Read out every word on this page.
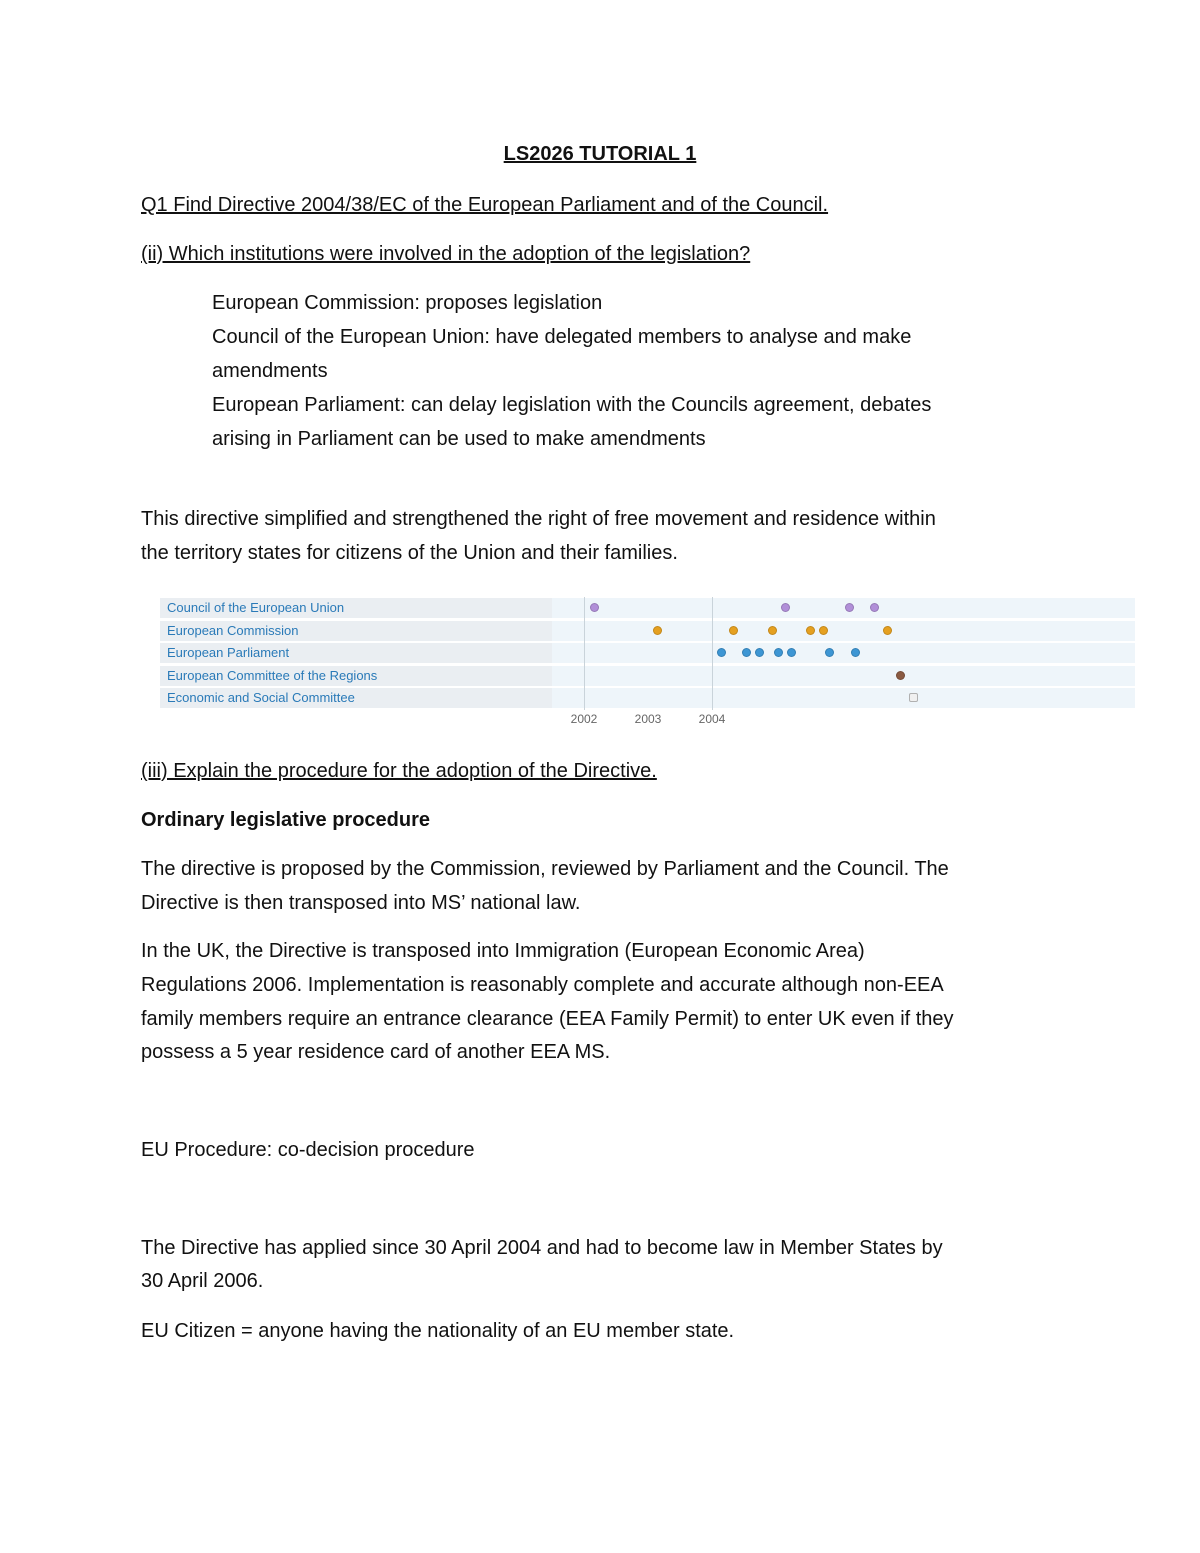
LS2026 TUTORIAL 1
Q1 Find Directive 2004/38/EC of the European Parliament and of the Council.
(ii) Which institutions were involved in the adoption of the legislation?
European Commission: proposes legislation
Council of the European Union: have delegated members to analyse and make
amendments
European Parliament: can delay legislation with the Councils agreement, debates
arising in Parliament can be used to make amendments
This directive simplified and strengthened the right of free movement and residence within
the territory states for citizens of the Union and their families.
Council of the European Union
European Commission
European Parliament
European Committee of the Regions
Economic and Social Committee
2002	2003	2004
(iii) Explain the procedure for the adoption of the Directive.
Ordinary legislative procedure
The directive is proposed by the Commission, reviewed by Parliament and the Council. The
Directive is then transposed into MS’ national law.
In the UK, the Directive is transposed into Immigration (European Economic Area)
Regulations 2006. Implementation is reasonably complete and accurate although non-EEA
family members require an entrance clearance (EEA Family Permit) to enter UK even if they
possess a 5 year residence card of another EEA MS.
EU Procedure: co-decision procedure
The Directive has applied since 30 April 2004 and had to become law in Member States by
30 April 2006.
EU Citizen = anyone having the nationality of an EU member state.
